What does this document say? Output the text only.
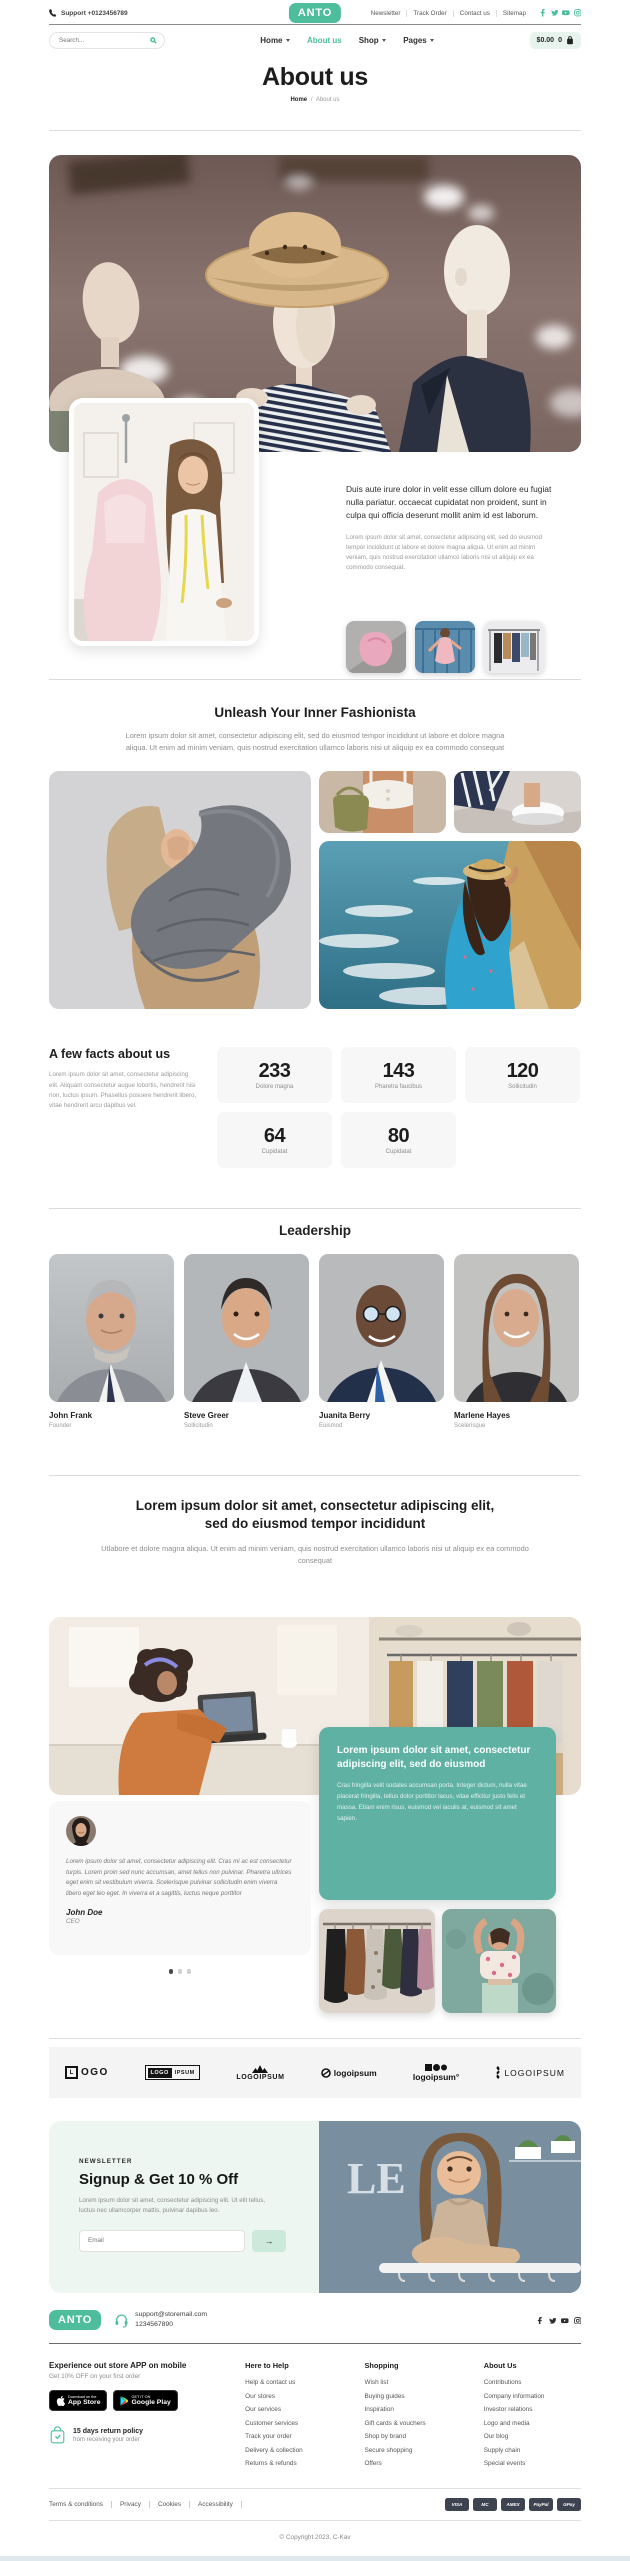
Support +0123456789	ANTO	Newsletter	Track Order	Contact us	Sitemap
Search...
Home	About us Shop	Pages	$0.00 0
About us
Home / About us

Duis aute irure dolor in velit esse cillum dolore eu fugiat nulla pariatur. occaecat cupidatat non proident, sunt in culpa qui officia deserunt mollit anim id est laborum.

Lorem ipsum dolor sit amet, consectetur adipiscing elit, sed do eiusmod tempor incididunt ut labore et dolore magna aliqua. Ut enim ad minim veniam, quis nostrud exercitation ullamco laboris nisi ut aliquip ex ea commodo consequat.

Unleash Your Inner Fashionista

Lorem ipsum dolor sit amet, consectetur adipiscing elit, sed do eiusmod tempor incididunt ut labore et dolore magna aliqua. Ut enim ad minim veniam, quis nostrud exercitation ullamco laboris nisi ut aliquip ex ea commodo consequat

A few facts about us

Lorem ipsum dolor sit amet, consectetur adipiscing elit. Aliquam consectetur augue lobortis, hendrerit nisi non, luctus ipsum. Phasellus posuere hendrerit libero, vitae hendrerit arcu dapibus vel.

233
Dolore magna
143
Pharetra faucibus
120
Sollicitudin
64
Cupidatat
80
Cupidatat
Leadership
John Frank
Founder
Steve Greer
Sollicitudin
Juanita Berry
Euismod
Marlene Hayes
Scelerisque
Lorem ipsum dolor sit amet, consectetur adipiscing elit,
sed do eiusmod tempor incididunt

Utlabore et dolore magna aliqua. Ut enim ad minim veniam, quis nostrud exercitation ullamco laboris nisi ut aliquip ex ea commodo consequat

Lorem ipsum dolor sit amet, consectetur adipiscing elit, sed do eiusmod

Cras fringilla velit sodales accumsan porta. Integer dictum, nulla vitae placerat fringilla, tellus dolor porttitor lacus, vitae efficitur justo felis et massa. Etiam enim risus, euismod vel iaculis at, euismod sit amet sapien.

Lorem ipsum dolor sit amet, consectetur adipiscing elit. Cras mi ac est consectetur turpis. Lorem proin sed nunc accumsan, amet tellus non pulvinar. Pharetra ultrices eget enim sit vestibulum viverra. Scelerisque pulvinar sollicitudin enim viverra libero eget leo eget. In viverra et a sagittis, luctus neque porttitor

John Doe
CEO
L OGO	LOGO	IPSUM
LOGOIPSUM	logoipsum	logoipsum°	LOGOIPSUM
NEWSLETTER
Signup & Get 10 % Off
Lorem ipsum dolor sit amet, consectetur adipiscing elit. Ut elit tellus, luctus nec ullamcorper mattis, pulvinar dapibus leo.
Email
→
LE
ANTO	support@storemail.com
1234567890
Experience out store APP on mobile
Get 10% OFF on your first order
Download on the
App Store
GET IT ON
Google Play
15 days return policy
from receiving your order
Here to Help
Help & contact us
Our stores
Our services
Customer services
Track your order
Delivery & collection
Returns & refunds
Shopping
Wish list
Buying guides
Inspiration
Gift cards & vouchers
Shop by brand
Secure shopping
Offers
About Us
Contributions
Company information
Investor relations
Logo and media
Our blog
Supply chain
Special events
Terms & conditions	Privacy	Cookies	Accessibility	VISA	MC	AMEX	PayPal	GPay
© Copyright 2023, C-Kav
